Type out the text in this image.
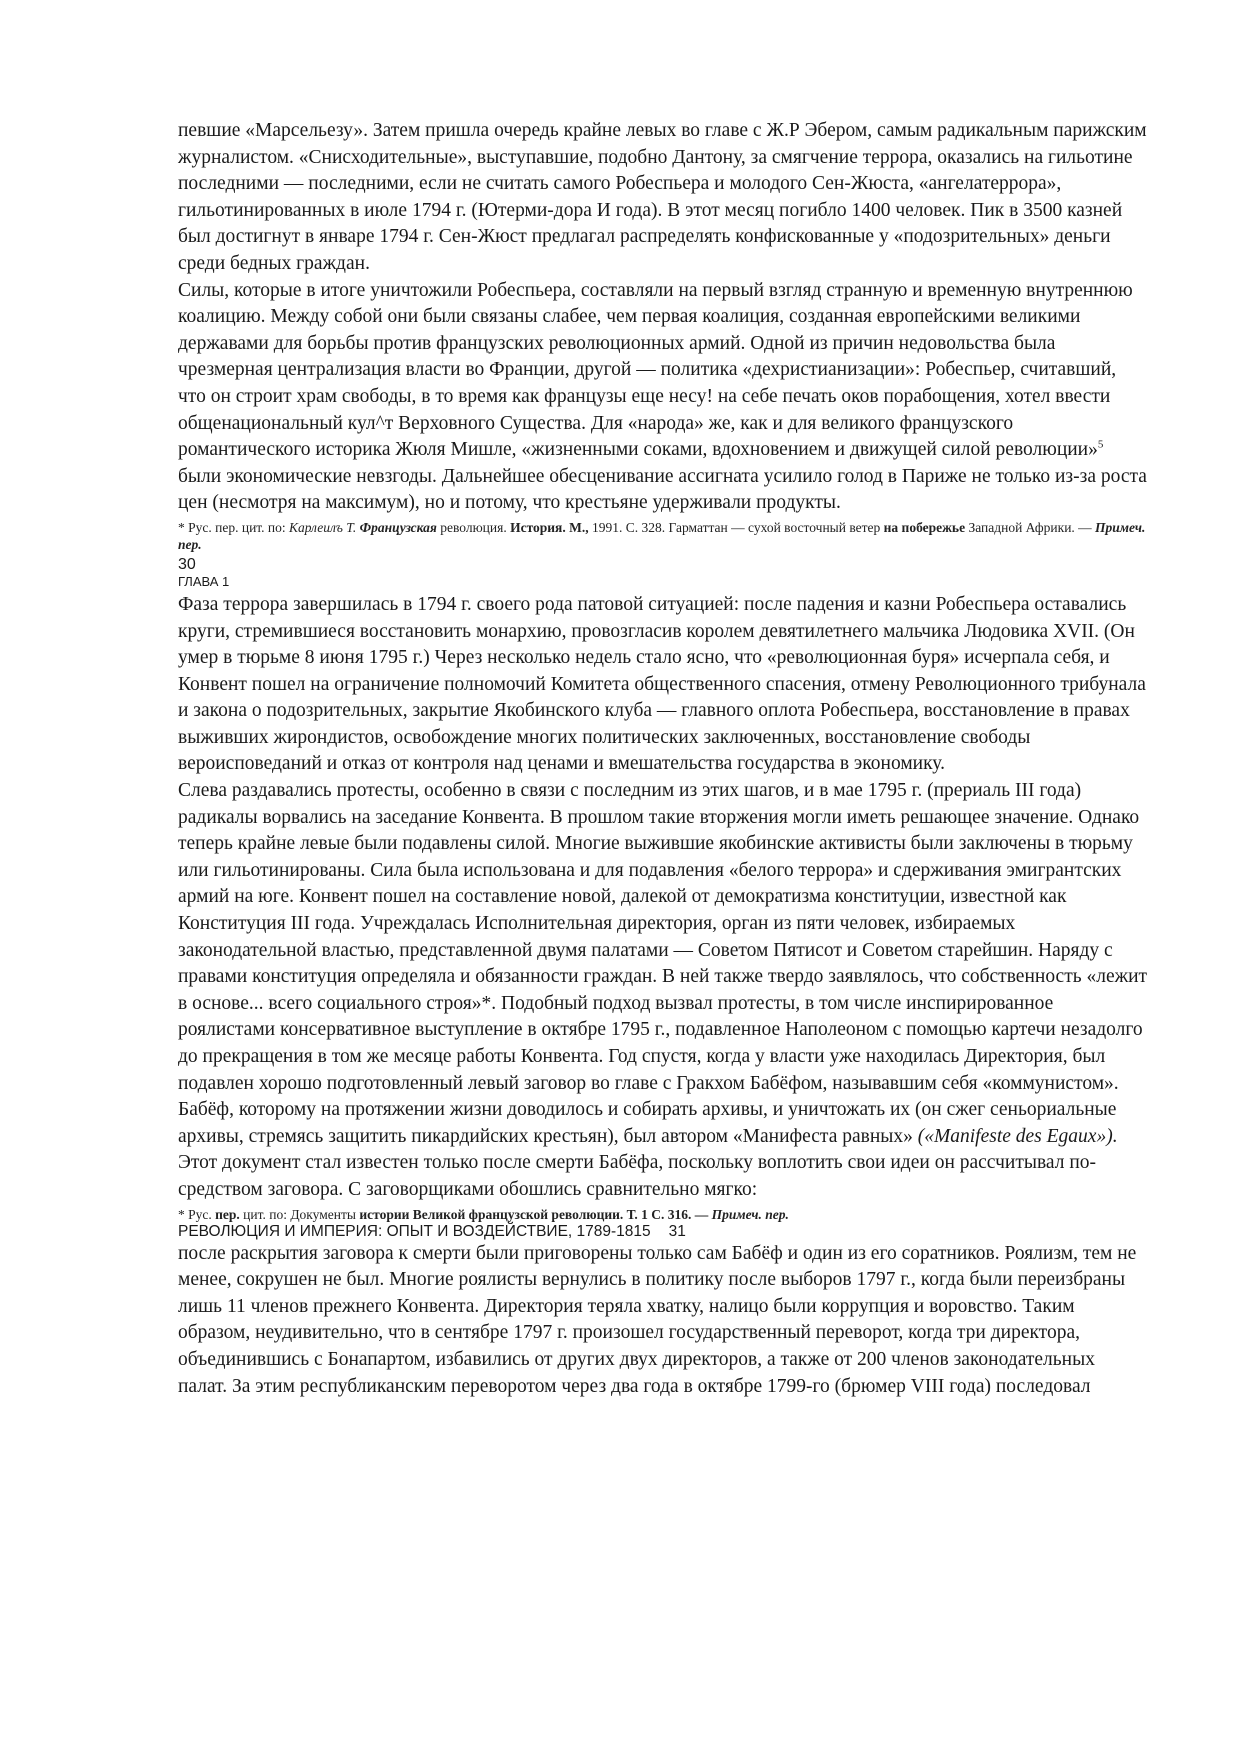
певшие «Марсельезу». Затем пришла очередь крайне левых во главе с Ж.Р Эбером, самым радикальным парижским журналистом. «Снисходительные», выступавшие, подобно Дантону, за смягчение террора, оказались на гильотине последними — последними, если не считать самого Робеспьера и молодого Сен-Жюста, «ангелатеррора», гильотинированных в июле 1794 г. (Ютерми-дора И года). В этот месяц погибло 1400 человек. Пик в 3500 казней был достигнут в январе 1794 г. Сен-Жюст предлагал распределять конфискованные у «подозрительных» деньги среди бедных граждан.

Силы, которые в итоге уничтожили Робеспьера, составляли на первый взгляд странную и временную внутреннюю коалицию. Между собой они были связаны слабее, чем первая коалиция, созданная европейскими великими державами для борьбы против французских революционных армий. Одной из причин недовольства была чрезмерная централизация власти во Франции, другой — политика «дехристианизации»: Робеспьер, считавший, что он строит храм свободы, в то время как французы еще несу! на себе печать оков порабощения, хотел ввести общенациональный кул^т Верховного Существа. Для «народа» же, как и для великого французского романтического историка Жюля Мишле, «жизненными соками, вдохновением и движущей силой революции»$^5$ были экономические невзгоды. Дальнейшее обесценивание ассигната усилило голод в Париже не только из-за роста цен (несмотря на максимум), но и потому, что крестьяне удерживали продукты.

* Рус. пер. цит. по: Карлеилъ Т. Французская революция. История. М., 1991. С. 328. Гарматтан — сухой восточный ветер на побережье Западной Африки. — Примеч. пер.

30
ГЛАВА 1

Фаза террора завершилась в 1794 г. своего рода патовой ситуацией: после падения и казни Робеспьера оставались круги, стремившиеся восстановить монархию, провозгласив королем девятилетнего мальчика Людовика XVII. (Он умер в тюрьме 8 июня 1795 г.) Через несколько недель стало ясно, что «революционная буря» исчерпала себя, и Конвент пошел на ограничение полномочий Комитета общественного спасения, отмену Революционного трибунала и закона о подозрительных, закрытие Якобинского клуба — главного оплота Робеспьера, восстановление в правах выживших жирондистов, освобождение многих политических заключенных, восстановление свободы вероисповеданий и отказ от контроля над ценами и вмешательства государства в экономику.

Слева раздавались протесты, особенно в связи с последним из этих шагов, и в мае 1795 г. (прериаль III года) радикалы ворвались на заседание Конвента. В прошлом такие вторжения могли иметь решающее значение. Однако теперь крайне левые были подавлены силой. Многие выжившие якобинские активисты были заключены в тюрьму или гильотинированы. Сила была использована и для подавления «белого террора» и сдерживания эмигрантских армий на юге. Конвент пошел на составление новой, далекой от демократизма конституции, известной как Конституция III года. Учреждалась Исполнительная директория, орган из пяти человек, избираемых законодательной властью, представленной двумя палатами — Советом Пятисот и Советом старейшин. Наряду с правами конституция определяла и обязанности граждан. В ней также твердо заявлялось, что собственность «лежит в основе... всего социального строя»*. Подобный подход вызвал протесты, в том числе инспирированное роялистами консервативное выступление в октябре 1795 г., подавленное Наполеоном с помощью картечи незадолго до прекращения в том же месяце работы Конвента. Год спустя, когда у власти уже находилась Директория, был подавлен хорошо подготовленный левый заговор во главе с Гракхом Бабёфом, называвшим себя «коммунистом». Бабёф, которому на протяжении жизни доводилось и собирать архивы, и уничтожать их (он сжег сеньориальные архивы, стремясь защитить пикардийских крестьян), был автором «Манифеста равных» («Manifeste des Egaux»). Этот документ стал известен только после смерти Бабёфа, поскольку воплотить свои идеи он рассчитывал по-средством заговора. С заговорщиками обошлись сравнительно мягко:

* Рус. пер. цит. по: Документы истории Великой французской революции. Т. 1 С. 316. — Примеч. пер.

РЕВОЛЮЦИЯ И ИМПЕРИЯ: ОПЫТ И ВОЗДЕЙСТВИЕ, 1789-1815 31

после раскрытия заговора к смерти были приговорены только сам Бабёф и один из его соратников. Роялизм, тем не менее, сокрушен не был. Многие роялисты вернулись в политику после выборов 1797 г., когда были переизбраны лишь 11 членов прежнего Конвента. Директория теряла хватку, налицо были коррупция и воровство. Таким образом, неудивительно, что в сентябре 1797 г. произошел государственный переворот, когда три директора, объединившись с Бонапартом, избавились от других двух директоров, а также от 200 членов законодательных палат. За этим республиканским переворотом через два года в октябре 1799-го (брюмер VIII года) последовал
